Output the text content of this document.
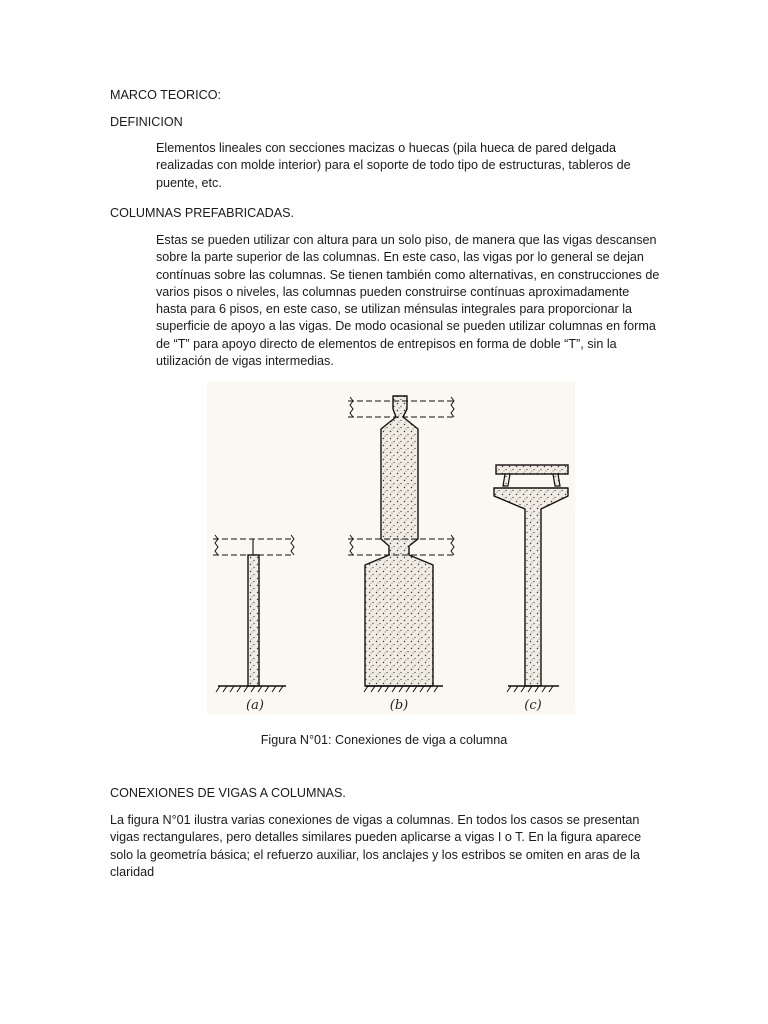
MARCO TEORICO:

DEFINICION

Elementos lineales con secciones macizas o huecas (pila hueca de pared delgada realizadas con molde interior) para el soporte de todo tipo de estructuras, tableros de puente, etc.

COLUMNAS PREFABRICADAS.

Estas se pueden utilizar con altura para un solo piso, de manera que las vigas descansen sobre la parte superior de las columnas. En este caso, las vigas por lo general se dejan contínuas sobre las columnas. Se tienen también como alternativas, en construcciones de varios pisos o niveles, las columnas pueden construirse contínuas aproximadamente hasta para 6 pisos, en este caso, se utilizan ménsulas integrales para proporcionar la superficie de apoyo a las vigas. De modo ocasional se pueden utilizar columnas en forma de “T” para apoyo directo de elementos de entrepisos en forma de doble “T”, sin la utilización de vigas intermedias.

(a)	(b)	(c)

Figura N°01: Conexiones de viga a columna

CONEXIONES DE VIGAS A COLUMNAS.

La figura N°01 ilustra varias conexiones de vigas a columnas. En todos los casos se presentan vigas rectangulares, pero detalles similares pueden aplicarse a vigas I o T. En la figura aparece solo la geometría básica; el refuerzo auxiliar, los anclajes y los estribos se omiten en aras de la claridad
